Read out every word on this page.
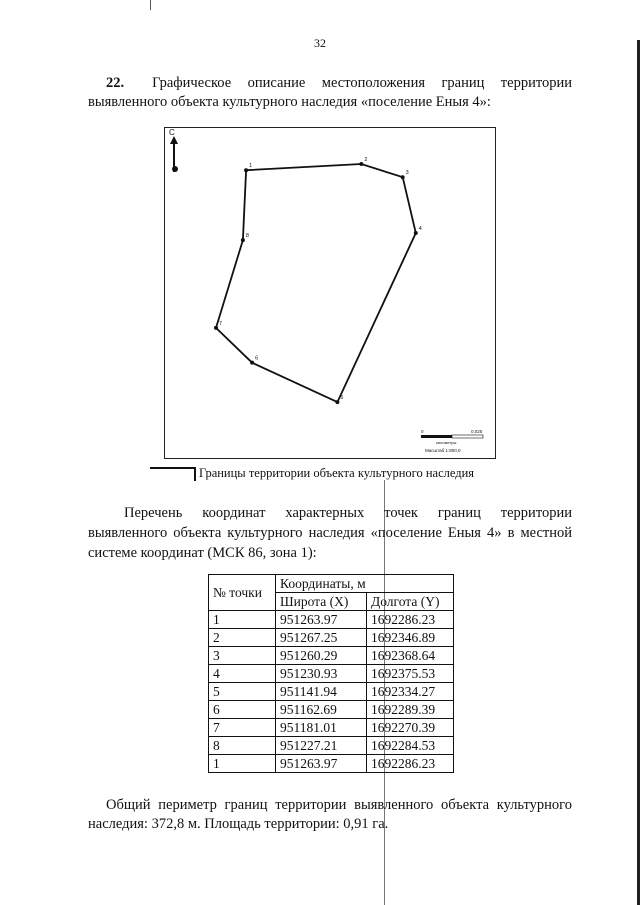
32
22. Графическое описание местоположения границ территории выявленного объекта культурного наследия «поселение Еныя 4»:
С
1
2
3
4
5
6
7
8
0	0,025
километры
Масштаб 1:800,0
Границы территории объекта культурного наследия
Перечень координат характерных точек границ территории выявленного объекта культурного наследия «поселение Еныя 4» в местной системе координат (МСК 86, зона 1):
№ точки	Координаты, м	
	Широта (X)	Долгота (Y)
1	951263.97	1692286.23
2	951267.25	1692346.89
3	951260.29	1692368.64
4	951230.93	1692375.53
5	951141.94	1692334.27
6	951162.69	1692289.39
7	951181.01	1692270.39
8	951227.21	1692284.53
1	951263.97	1692286.23
Общий периметр границ территории выявленного объекта культурного наследия: 372,8 м. Площадь территории: 0,91 га.
